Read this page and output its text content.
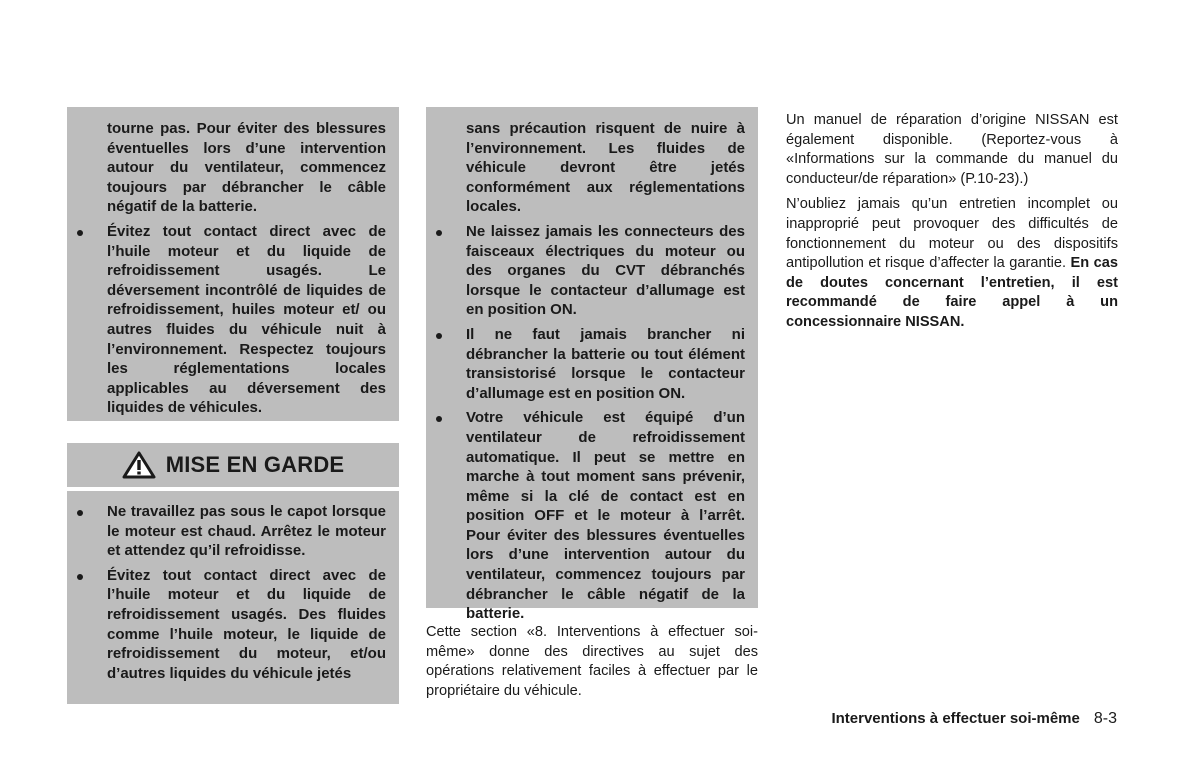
tourne pas. Pour éviter des blessures éventuelles lors d’une intervention autour du ventilateur, commencez toujours par débrancher le câble négatif de la batterie.

Évitez tout contact direct avec de l’huile moteur et du liquide de refroidissement usagés. Le déversement incontrôlé de liquides de refroidissement, huiles moteur et/ ou autres fluides du véhicule nuit à l’environnement. Respectez toujours les réglementations locales applicables au déversement des liquides de véhicules.
MISE EN GARDE
Ne travaillez pas sous le capot lorsque le moteur est chaud. Arrêtez le moteur et attendez qu’il refroidisse.
Évitez tout contact direct avec de l’huile moteur et du liquide de refroidissement usagés. Des fluides comme l’huile moteur, le liquide de refroidissement du moteur, et/ou d’autres liquides du véhicule jetés

sans précaution risquent de nuire à l’environnement. Les fluides de véhicule devront être jetés conformément aux réglementations locales.

Ne laissez jamais les connecteurs des faisceaux électriques du moteur ou des organes du CVT débranchés lorsque le contacteur d’allumage est en position ON.
Il ne faut jamais brancher ni débrancher la batterie ou tout élément transistorisé lorsque le contacteur d’allumage est en position ON.
Votre véhicule est équipé d’un ventilateur de refroidissement automatique. Il peut se mettre en marche à tout moment sans prévenir, même si la clé de contact est en position OFF et le moteur à l’arrêt. Pour éviter des blessures éventuelles lors d’une intervention autour du ventilateur, commencez toujours par débrancher le câble négatif de la batterie.

Cette section «8. Interventions à effectuer soi-même» donne des directives au sujet des opérations relativement faciles à effectuer par le propriétaire du véhicule.

Un manuel de réparation d’origine NISSAN est également disponible. (Reportez-vous à «Informations sur la commande du manuel du conducteur/de réparation» (P.10-23).)

N’oubliez jamais qu’un entretien incomplet ou inapproprié peut provoquer des difficultés de fonctionnement du moteur ou des dispositifs antipollution et risque d’affecter la garantie. En cas de doutes concernant l’entretien, il est recommandé de faire appel à un concessionnaire NISSAN.

Interventions à effectuer soi-même 8-3
